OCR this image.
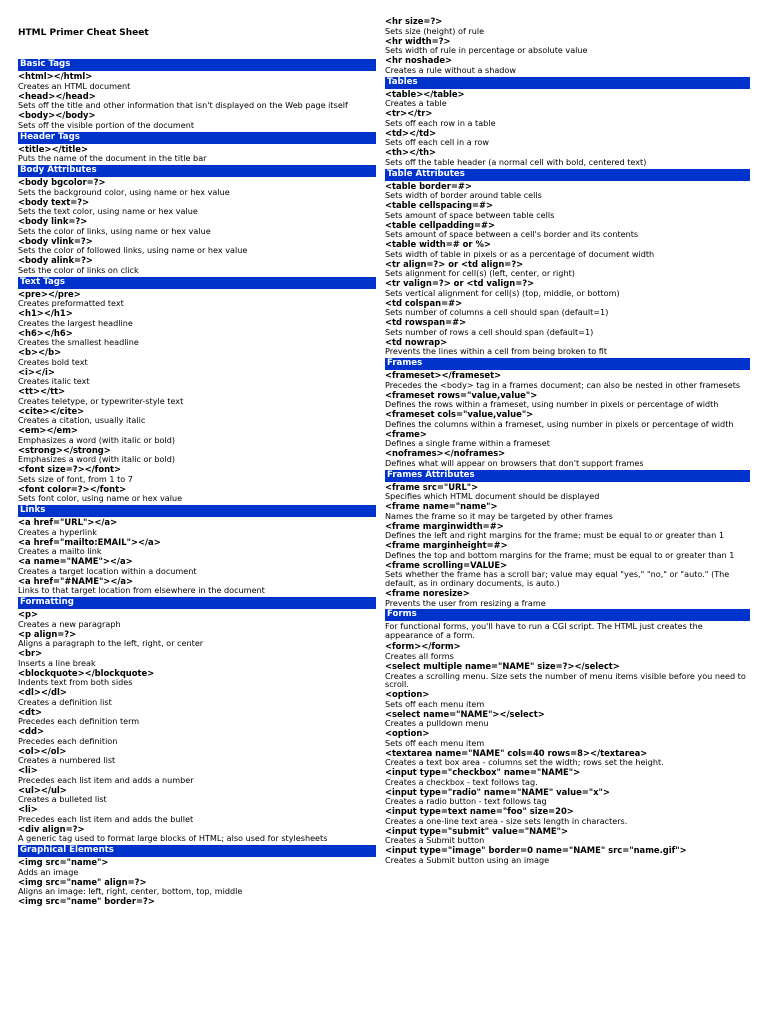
HTML Primer Cheat Sheet
Basic Tags
<html></html>
Creates an HTML document
<head></head>
Sets off the title and other information that isn't displayed on the Web page itself
<body></body>
Sets off the visible portion of the document
Header Tags
<title></title>
Puts the name of the document in the title bar
Body Attributes
<body bgcolor=?>
Sets the background color, using name or hex value
<body text=?>
Sets the text color, using name or hex value
<body link=?>
Sets the color of links, using name or hex value
<body vlink=?>
Sets the color of followed links, using name or hex value
<body alink=?>
Sets the color of links on click
Text Tags
<pre></pre>
Creates preformatted text
<h1></h1>
Creates the largest headline
<h6></h6>
Creates the smallest headline
<b></b>
Creates bold text
<i></i>
Creates italic text
<tt></tt>
Creates teletype, or typewriter-style text
<cite></cite>
Creates a citation, usually italic
<em></em>
Emphasizes a word (with italic or bold)
<strong></strong>
Emphasizes a word (with italic or bold)
<font size=?></font>
Sets size of font, from 1 to 7
<font color=?></font>
Sets font color, using name or hex value
Links
<a href="URL"></a>
Creates a hyperlink
<a href="mailto:EMAIL"></a>
Creates a mailto link
<a name="NAME"></a>
Creates a target location within a document
<a href="#NAME"></a>
Links to that target location from elsewhere in the document
Formatting
<p>
Creates a new paragraph
<p align=?>
Aligns a paragraph to the left, right, or center
<br>
Inserts a line break
<blockquote></blockquote>
Indents text from both sides
<dl></dl>
Creates a definition list
<dt>
Precedes each definition term
<dd>
Precedes each definition
<ol></ol>
Creates a numbered list
<li>
Precedes each list item and adds a number
<ul></ul>
Creates a bulleted list
<li>
Precedes each list item and adds the bullet
<div align=?>
A generic tag used to format large blocks of HTML; also used for stylesheets
Graphical Elements
<img src="name">
Adds an image
<img src="name" align=?>
Aligns an image: left, right, center, bottom, top, middle
<img src="name" border=?>
<hr size=?>
Sets size (height) of rule
<hr width=?>
Sets width of rule in percentage or absolute value
<hr noshade>
Creates a rule without a shadow
Tables
<table></table>
Creates a table
<tr></tr>
Sets off each row in a table
<td></td>
Sets off each cell in a row
<th></th>
Sets off the table header (a normal cell with bold, centered text)
Table Attributes
<table border=#>
Sets width of border around table cells
<table cellspacing=#>
Sets amount of space between table cells
<table cellpadding=#>
Sets amount of space between a cell's border and its contents
<table width=# or %>
Sets width of table in pixels or as a percentage of document width
<tr align=?> or <td align=?>
Sets alignment for cell(s) (left, center, or right)
<tr valign=?> or <td valign=?>
Sets vertical alignment for cell(s) (top, middle, or bottom)
<td colspan=#>
Sets number of columns a cell should span (default=1)
<td rowspan=#>
Sets number of rows a cell should span (default=1)
<td nowrap>
Prevents the lines within a cell from being broken to fit
Frames
<frameset></frameset>
Precedes the <body> tag in a frames document; can also be nested in other framesets
<frameset rows="value,value">
Defines the rows within a frameset, using number in pixels or percentage of width
<frameset cols="value,value">
Defines the columns within a frameset, using number in pixels or percentage of width
<frame>
Defines a single frame within a frameset
<noframes></noframes>
Defines what will appear on browsers that don't support frames
Frames Attributes
<frame src="URL">
Specifies which HTML document should be displayed
<frame name="name">
Names the frame so it may be targeted by other frames
<frame marginwidth=#>
Defines the left and right margins for the frame; must be equal to or greater than 1
<frame marginheight=#>
Defines the top and bottom margins for the frame; must be equal to or greater than 1
<frame scrolling=VALUE>
Sets whether the frame has a scroll bar; value may equal "yes," "no," or "auto." (The default, as in ordinary documents, is auto.)
<frame noresize>
Prevents the user from resizing a frame
Forms
For functional forms, you'll have to run a CGI script. The HTML just creates the appearance of a form.
<form></form>
Creates all forms
<select multiple name="NAME" size=?></select>
Creates a scrolling menu. Size sets the number of menu items visible before you need to scroll.
<option>
Sets off each menu item
<select name="NAME"></select>
Creates a pulldown menu
<option>
Sets off each menu item
<textarea name="NAME" cols=40 rows=8></textarea>
Creates a text box area - columns set the width; rows set the height.
<input type="checkbox" name="NAME">
Creates a checkbox - text follows tag.
<input type="radio" name="NAME" value="x">
Creates a radio button - text follows tag
<input type=text name="foo" size=20>
Creates a one-line text area - size sets length in characters.
<input type="submit" value="NAME">
Creates a Submit button
<input type="image" border=0 name="NAME" src="name.gif">
Creates a Submit button using an image
